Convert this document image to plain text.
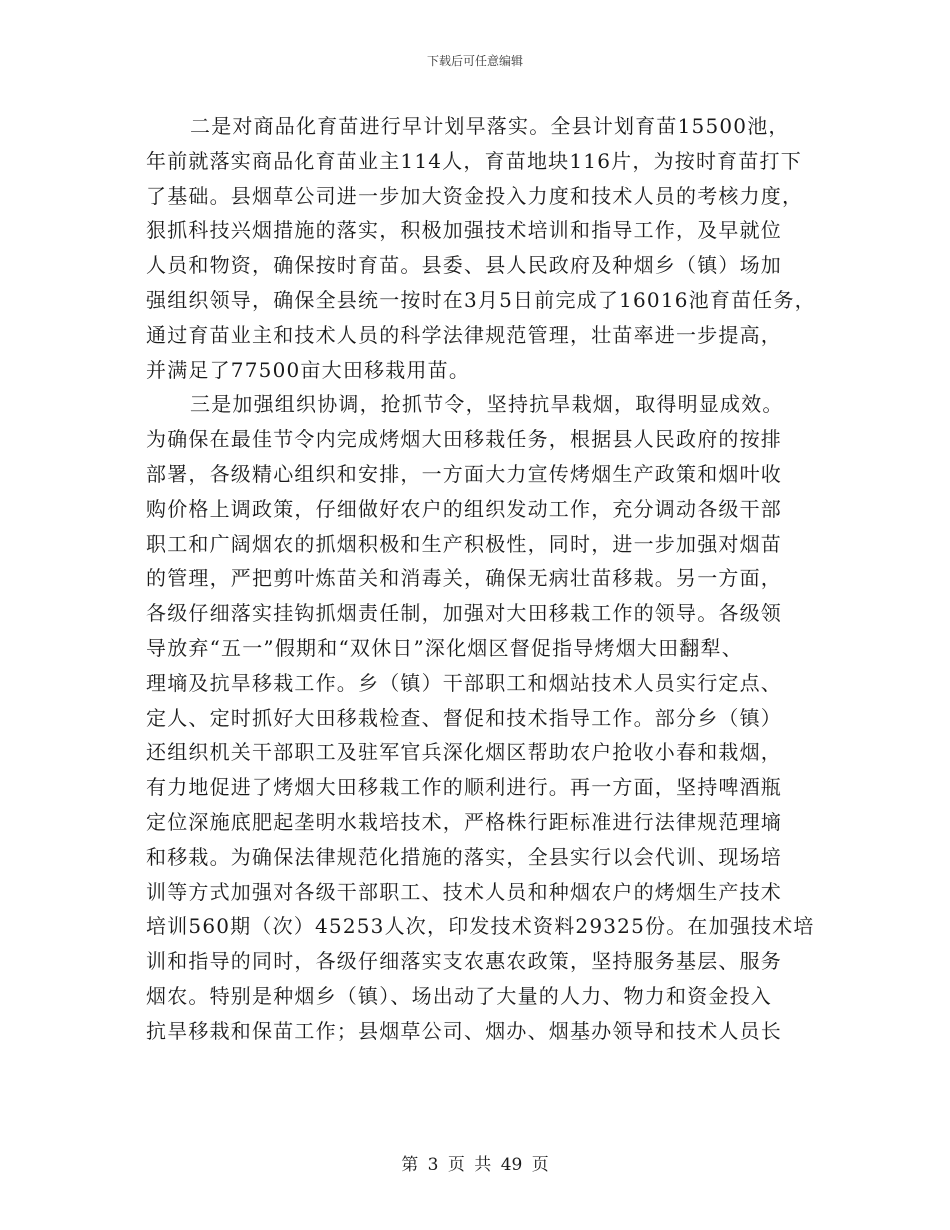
下载后可任意编辑
二是对商品化育苗进行早计划早落实。全县计划育苗15500池，
年前就落实商品化育苗业主114人，育苗地块116片，为按时育苗打下
了基础。县烟草公司进一步加大资金投入力度和技术人员的考核力度，
狠抓科技兴烟措施的落实，积极加强技术培训和指导工作，及早就位
人员和物资，确保按时育苗。县委、县人民政府及种烟乡（镇）场加
强组织领导，确保全县统一按时在3月5日前完成了16016池育苗任务，
通过育苗业主和技术人员的科学法律规范管理，壮苗率进一步提高，
并满足了77500亩大田移栽用苗。
三是加强组织协调，抢抓节令，坚持抗旱栽烟，取得明显成效。
为确保在最佳节令内完成烤烟大田移栽任务，根据县人民政府的按排
部署，各级精心组织和安排，一方面大力宣传烤烟生产政策和烟叶收
购价格上调政策，仔细做好农户的组织发动工作，充分调动各级干部
职工和广阔烟农的抓烟积极和生产积极性，同时，进一步加强对烟苗
的管理，严把剪叶炼苗关和消毒关，确保无病壮苗移栽。另一方面，
各级仔细落实挂钩抓烟责任制，加强对大田移栽工作的领导。各级领
导放弃“五一”假期和“双休日”深化烟区督促指导烤烟大田翻犁、
理墒及抗旱移栽工作。乡（镇）干部职工和烟站技术人员实行定点、
定人、定时抓好大田移栽检查、督促和技术指导工作。部分乡（镇）
还组织机关干部职工及驻军官兵深化烟区帮助农户抢收小春和栽烟，
有力地促进了烤烟大田移栽工作的顺利进行。再一方面，坚持啤酒瓶
定位深施底肥起垄明水栽培技术，严格株行距标准进行法律规范理墒
和移栽。为确保法律规范化措施的落实，全县实行以会代训、现场培
训等方式加强对各级干部职工、技术人员和种烟农户的烤烟生产技术
培训560期（次）45253人次，印发技术资料29325份。在加强技术培
训和指导的同时，各级仔细落实支农惠农政策，坚持服务基层、服务
烟农。特别是种烟乡（镇）、场出动了大量的人力、物力和资金投入
抗旱移栽和保苗工作；县烟草公司、烟办、烟基办领导和技术人员长
第 3 页 共 49 页
